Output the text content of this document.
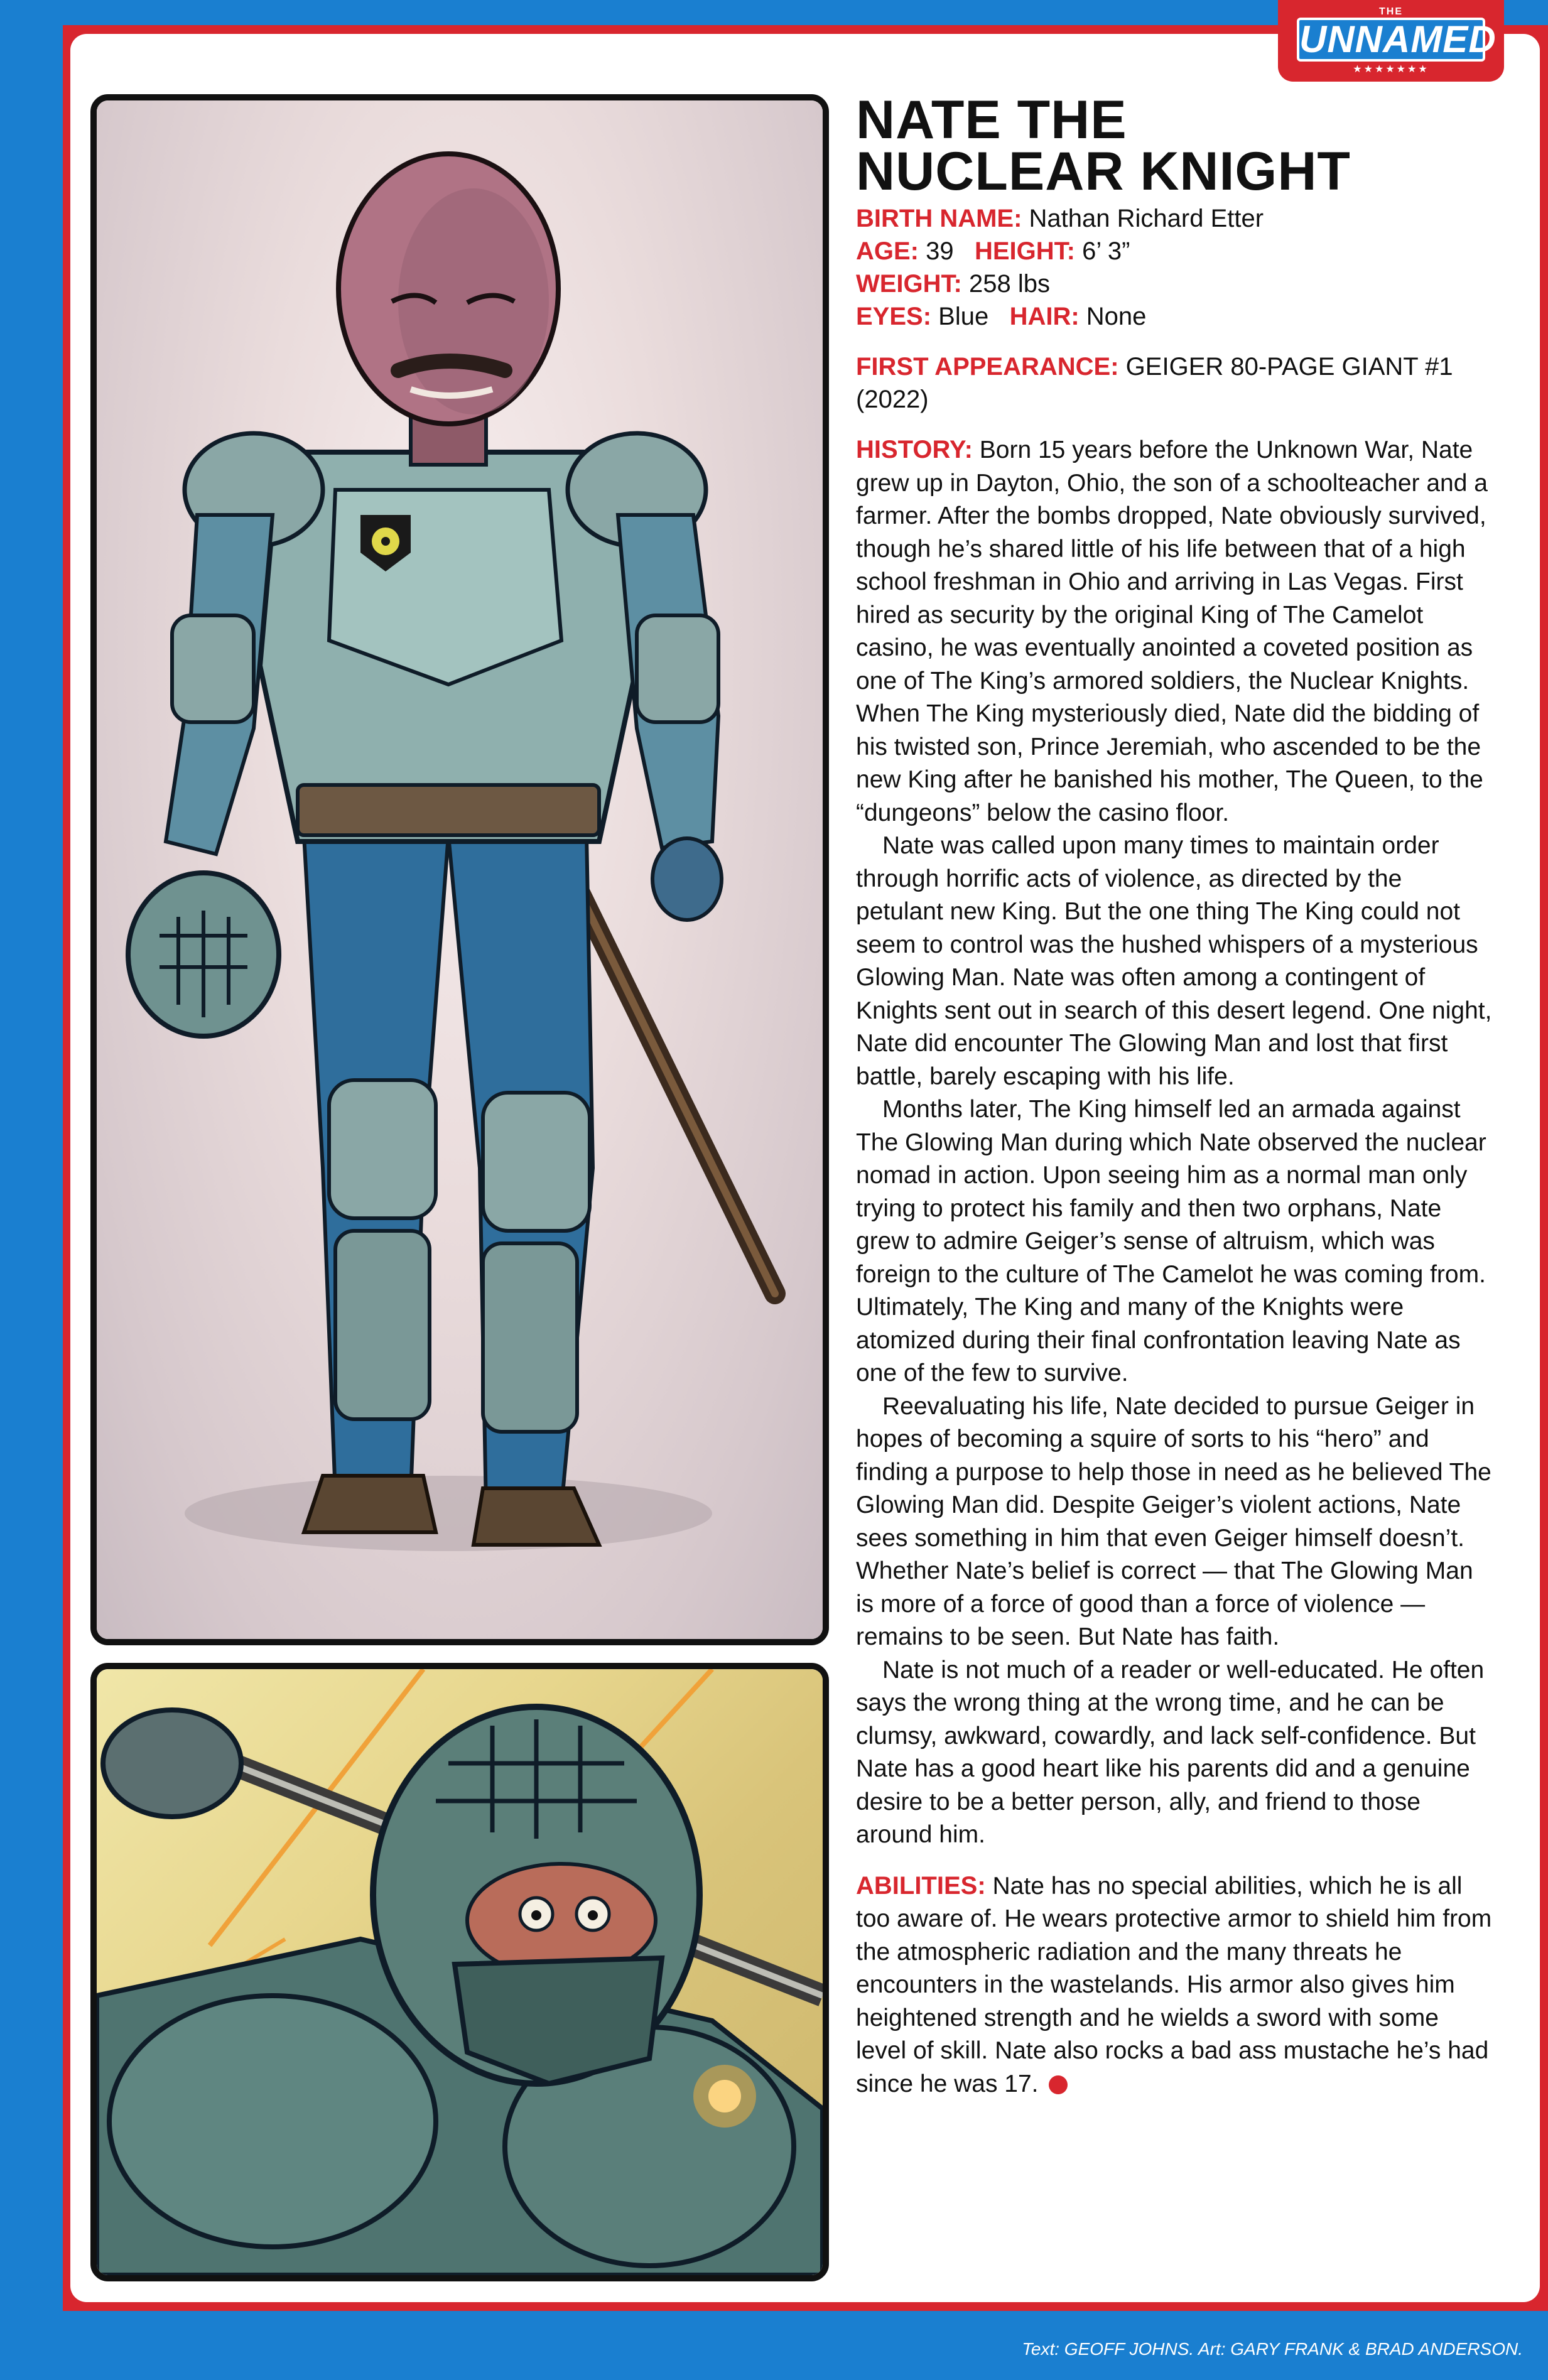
THE
UNNAMED
★★★★★★★
NATE THE
NUCLEAR KNIGHT
BIRTH NAME: Nathan Richard Etter
AGE: 39 HEIGHT: 6’ 3”
WEIGHT: 258 lbs
EYES: Blue HAIR: None
FIRST APPEARANCE: GEIGER 80-PAGE GIANT #1 (2022)

HISTORY: Born 15 years before the Unknown War, Nate grew up in Dayton, Ohio, the son of a schoolteacher and a farmer. After the bombs dropped, Nate obviously survived, though he’s shared little of his life between that of a high school freshman in Ohio and arriving in Las Vegas. First hired as security by the original King of The Camelot casino, he was eventually anointed a coveted position as one of The King’s armored soldiers, the Nuclear Knights. When The King mysteriously died, Nate did the bidding of his twisted son, Prince Jeremiah, who ascended to be the new King after he banished his mother, The Queen, to the “dungeons” below the casino floor.

Nate was called upon many times to maintain order through horrific acts of violence, as directed by the petulant new King. But the one thing The King could not seem to control was the hushed whispers of a mysterious Glowing Man. Nate was often among a contingent of Knights sent out in search of this desert legend. One night, Nate did encounter The Glowing Man and lost that first battle, barely escaping with his life.

Months later, The King himself led an armada against The Glowing Man during which Nate observed the nuclear nomad in action. Upon seeing him as a normal man only trying to protect his family and then two orphans, Nate grew to admire Geiger’s sense of altruism, which was foreign to the culture of The Camelot he was coming from. Ultimately, The King and many of the Knights were atomized during their final confrontation leaving Nate as one of the few to survive.

Reevaluating his life, Nate decided to pursue Geiger in hopes of becoming a squire of sorts to his “hero” and finding a purpose to help those in need as he believed The Glowing Man did. Despite Geiger’s violent actions, Nate sees something in him that even Geiger himself doesn’t. Whether Nate’s belief is correct — that The Glowing Man is more of a force of good than a force of violence —remains to be seen. But Nate has faith.

Nate is not much of a reader or well-educated. He often says the wrong thing at the wrong time, and he can be clumsy, awkward, cowardly, and lack self-confidence. But Nate has a good heart like his parents did and a genuine desire to be a better person, ally, and friend to those around him.

ABILITIES: Nate has no special abilities, which he is all too aware of. He wears protective armor to shield him from the atmospheric radiation and the many threats he encounters in the wastelands. His armor also gives him heightened strength and he wields a sword with some level of skill. Nate also rocks a bad ass mustache he’s had since he was 17.

Text: GEOFF JOHNS. Art: GARY FRANK & BRAD ANDERSON.
